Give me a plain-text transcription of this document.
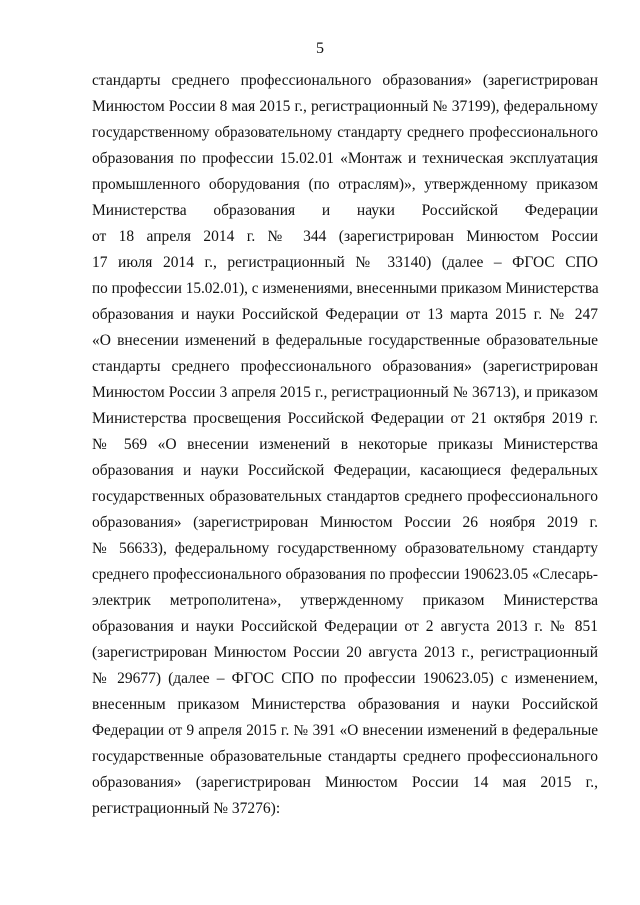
5
стандарты среднего профессионального образования» (зарегистрирован
Минюстом России 8 мая 2015 г., регистрационный № 37199), федеральному
государственному образовательному стандарту среднего профессионального
образования по профессии 15.02.01 «Монтаж и техническая эксплуатация
промышленного оборудования (по отраслям)», утвержденному приказом
Министерства образования и науки Российской Федерации
от 18 апреля 2014 г. № 344 (зарегистрирован Минюстом России
17 июля 2014 г., регистрационный № 33140) (далее – ФГОС СПО
по профессии 15.02.01), с изменениями, внесенными приказом Министерства
образования и науки Российской Федерации от 13 марта 2015 г. № 247
«О внесении изменений в федеральные государственные образовательные
стандарты среднего профессионального образования» (зарегистрирован
Минюстом России 3 апреля 2015 г., регистрационный № 36713), и приказом
Министерства просвещения Российской Федерации от 21 октября 2019 г.
№ 569 «О внесении изменений в некоторые приказы Министерства
образования и науки Российской Федерации, касающиеся федеральных
государственных образовательных стандартов среднего профессионального
образования» (зарегистрирован Минюстом России 26 ноября 2019 г.
№ 56633), федеральному государственному образовательному стандарту
среднего профессионального образования по профессии 190623.05 «Слесарь-
электрик метрополитена», утвержденному приказом Министерства
образования и науки Российской Федерации от 2 августа 2013 г. № 851
(зарегистрирован Минюстом России 20 августа 2013 г., регистрационный
№ 29677) (далее – ФГОС СПО по профессии 190623.05) с изменением,
внесенным приказом Министерства образования и науки Российской
Федерации от 9 апреля 2015 г. № 391 «О внесении изменений в федеральные
государственные образовательные стандарты среднего профессионального
образования» (зарегистрирован Минюстом России 14 мая 2015 г.,
регистрационный № 37276):
